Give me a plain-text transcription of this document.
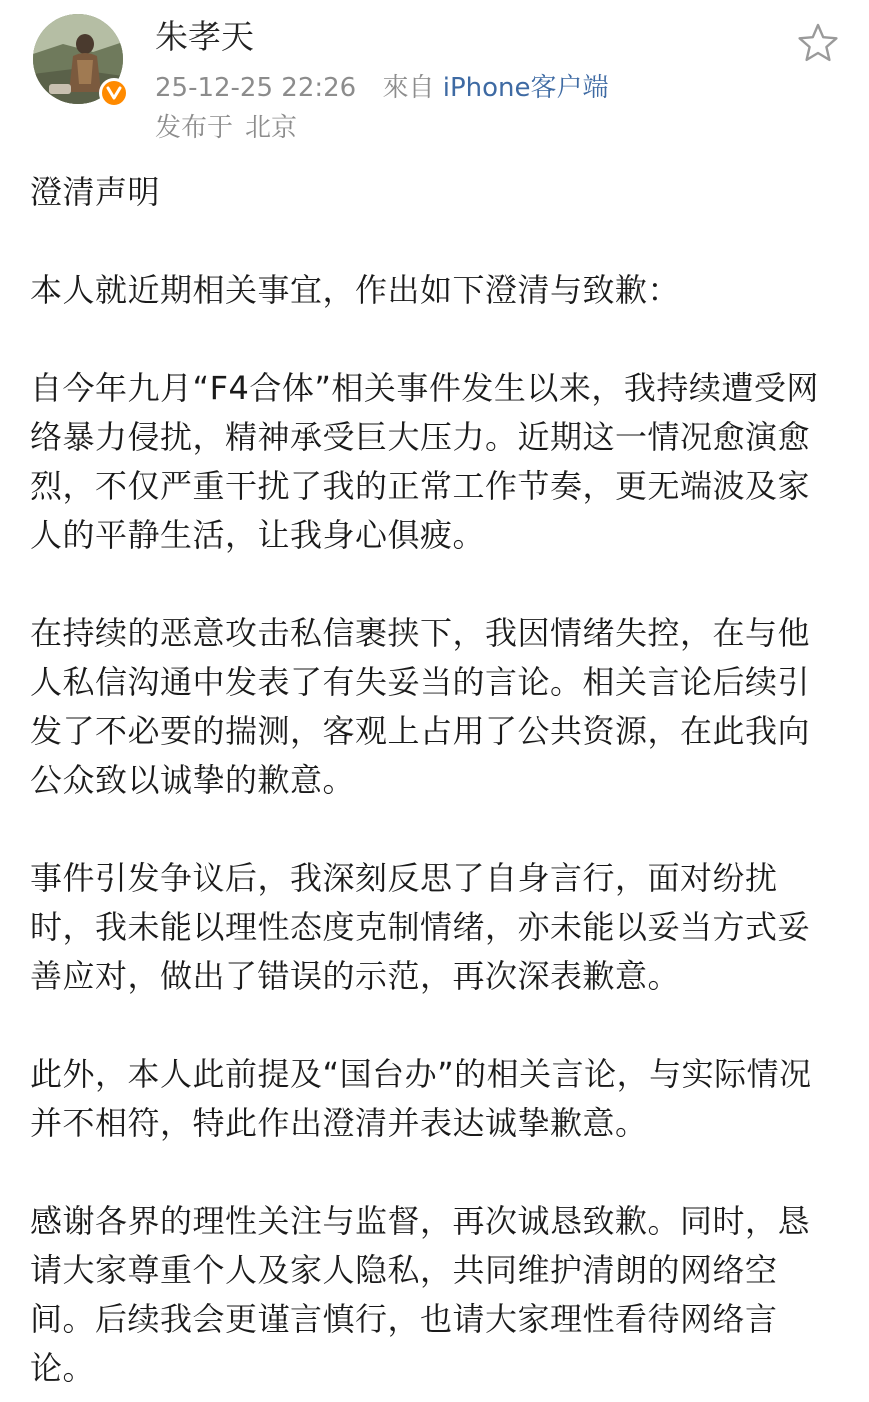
朱孝天
25-12-25 22:26 來自 iPhone客户端
发布于 北京

澄清声明

本人就近期相关事宜，作出如下澄清与致歉：

自今年九月“F4合体”相关事件发生以来，我持续遭受网络暴力侵扰，精神承受巨大压力。近期这一情况愈演愈烈，不仅严重干扰了我的正常工作节奏，更无端波及家人的平静生活，让我身心俱疲。

在持续的恶意攻击私信裹挟下，我因情绪失控，在与他人私信沟通中发表了有失妥当的言论。相关言论后续引发了不必要的揣测，客观上占用了公共资源，在此我向公众致以诚挚的歉意。

事件引发争议后，我深刻反思了自身言行，面对纷扰时，我未能以理性态度克制情绪，亦未能以妥当方式妥善应对，做出了错误的示范，再次深表歉意。

此外，本人此前提及“国台办”的相关言论，与实际情况并不相符，特此作出澄清并表达诚挚歉意。

感谢各界的理性关注与监督，再次诚恳致歉。同时，恳请大家尊重个人及家人隐私，共同维护清朗的网络空间。后续我会更谨言慎行，也请大家理性看待网络言论。
